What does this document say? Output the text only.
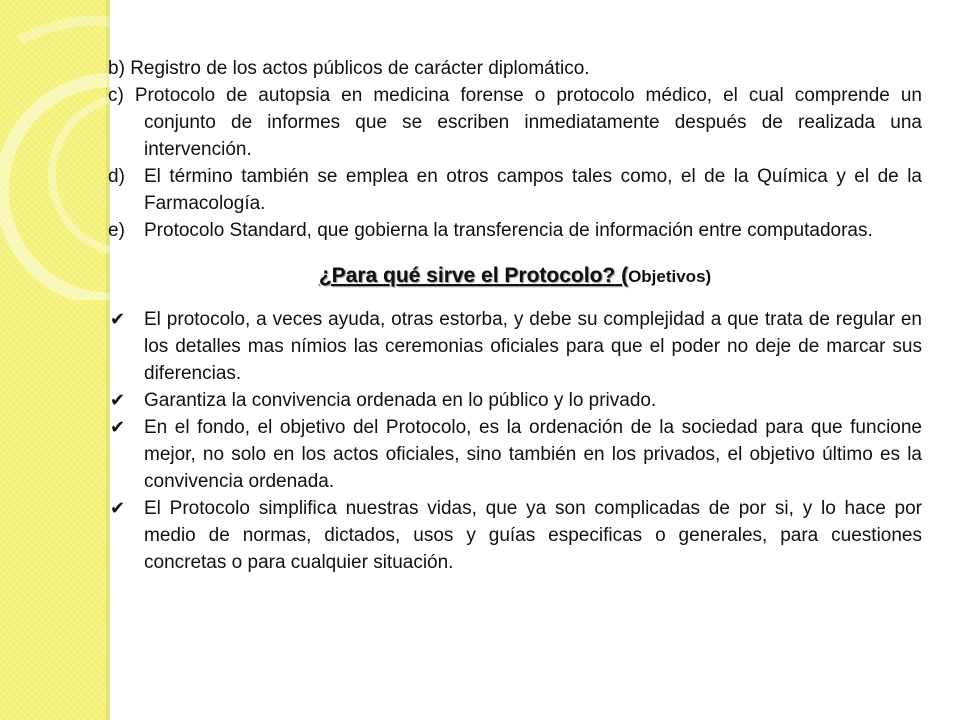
b) Registro de los actos públicos de carácter diplomático.
c) Protocolo de autopsia en medicina forense o protocolo médico, el cual comprende un conjunto de informes que se escriben inmediatamente después de realizada una intervención.
d) El término también se emplea en otros campos tales como, el de la Química y el de la Farmacología.
e) Protocolo Standard, que gobierna la transferencia de información entre computadoras.
¿Para qué sirve el Protocolo? (Objetivos)
✔ El protocolo, a veces ayuda, otras estorba, y debe su complejidad a que trata de regular en los detalles mas nímios las ceremonias oficiales para que el poder no deje de marcar sus diferencias.
✔ Garantiza la convivencia ordenada en lo público y lo privado.
✔ En el fondo, el objetivo del Protocolo, es la ordenación de la sociedad para que funcione mejor, no solo en los actos oficiales, sino también en los privados, el objetivo último es la convivencia ordenada.
✔ El Protocolo simplifica nuestras vidas, que ya son complicadas de por si, y lo hace por medio de normas, dictados, usos y guías especificas o generales, para cuestiones concretas o para cualquier situación.
